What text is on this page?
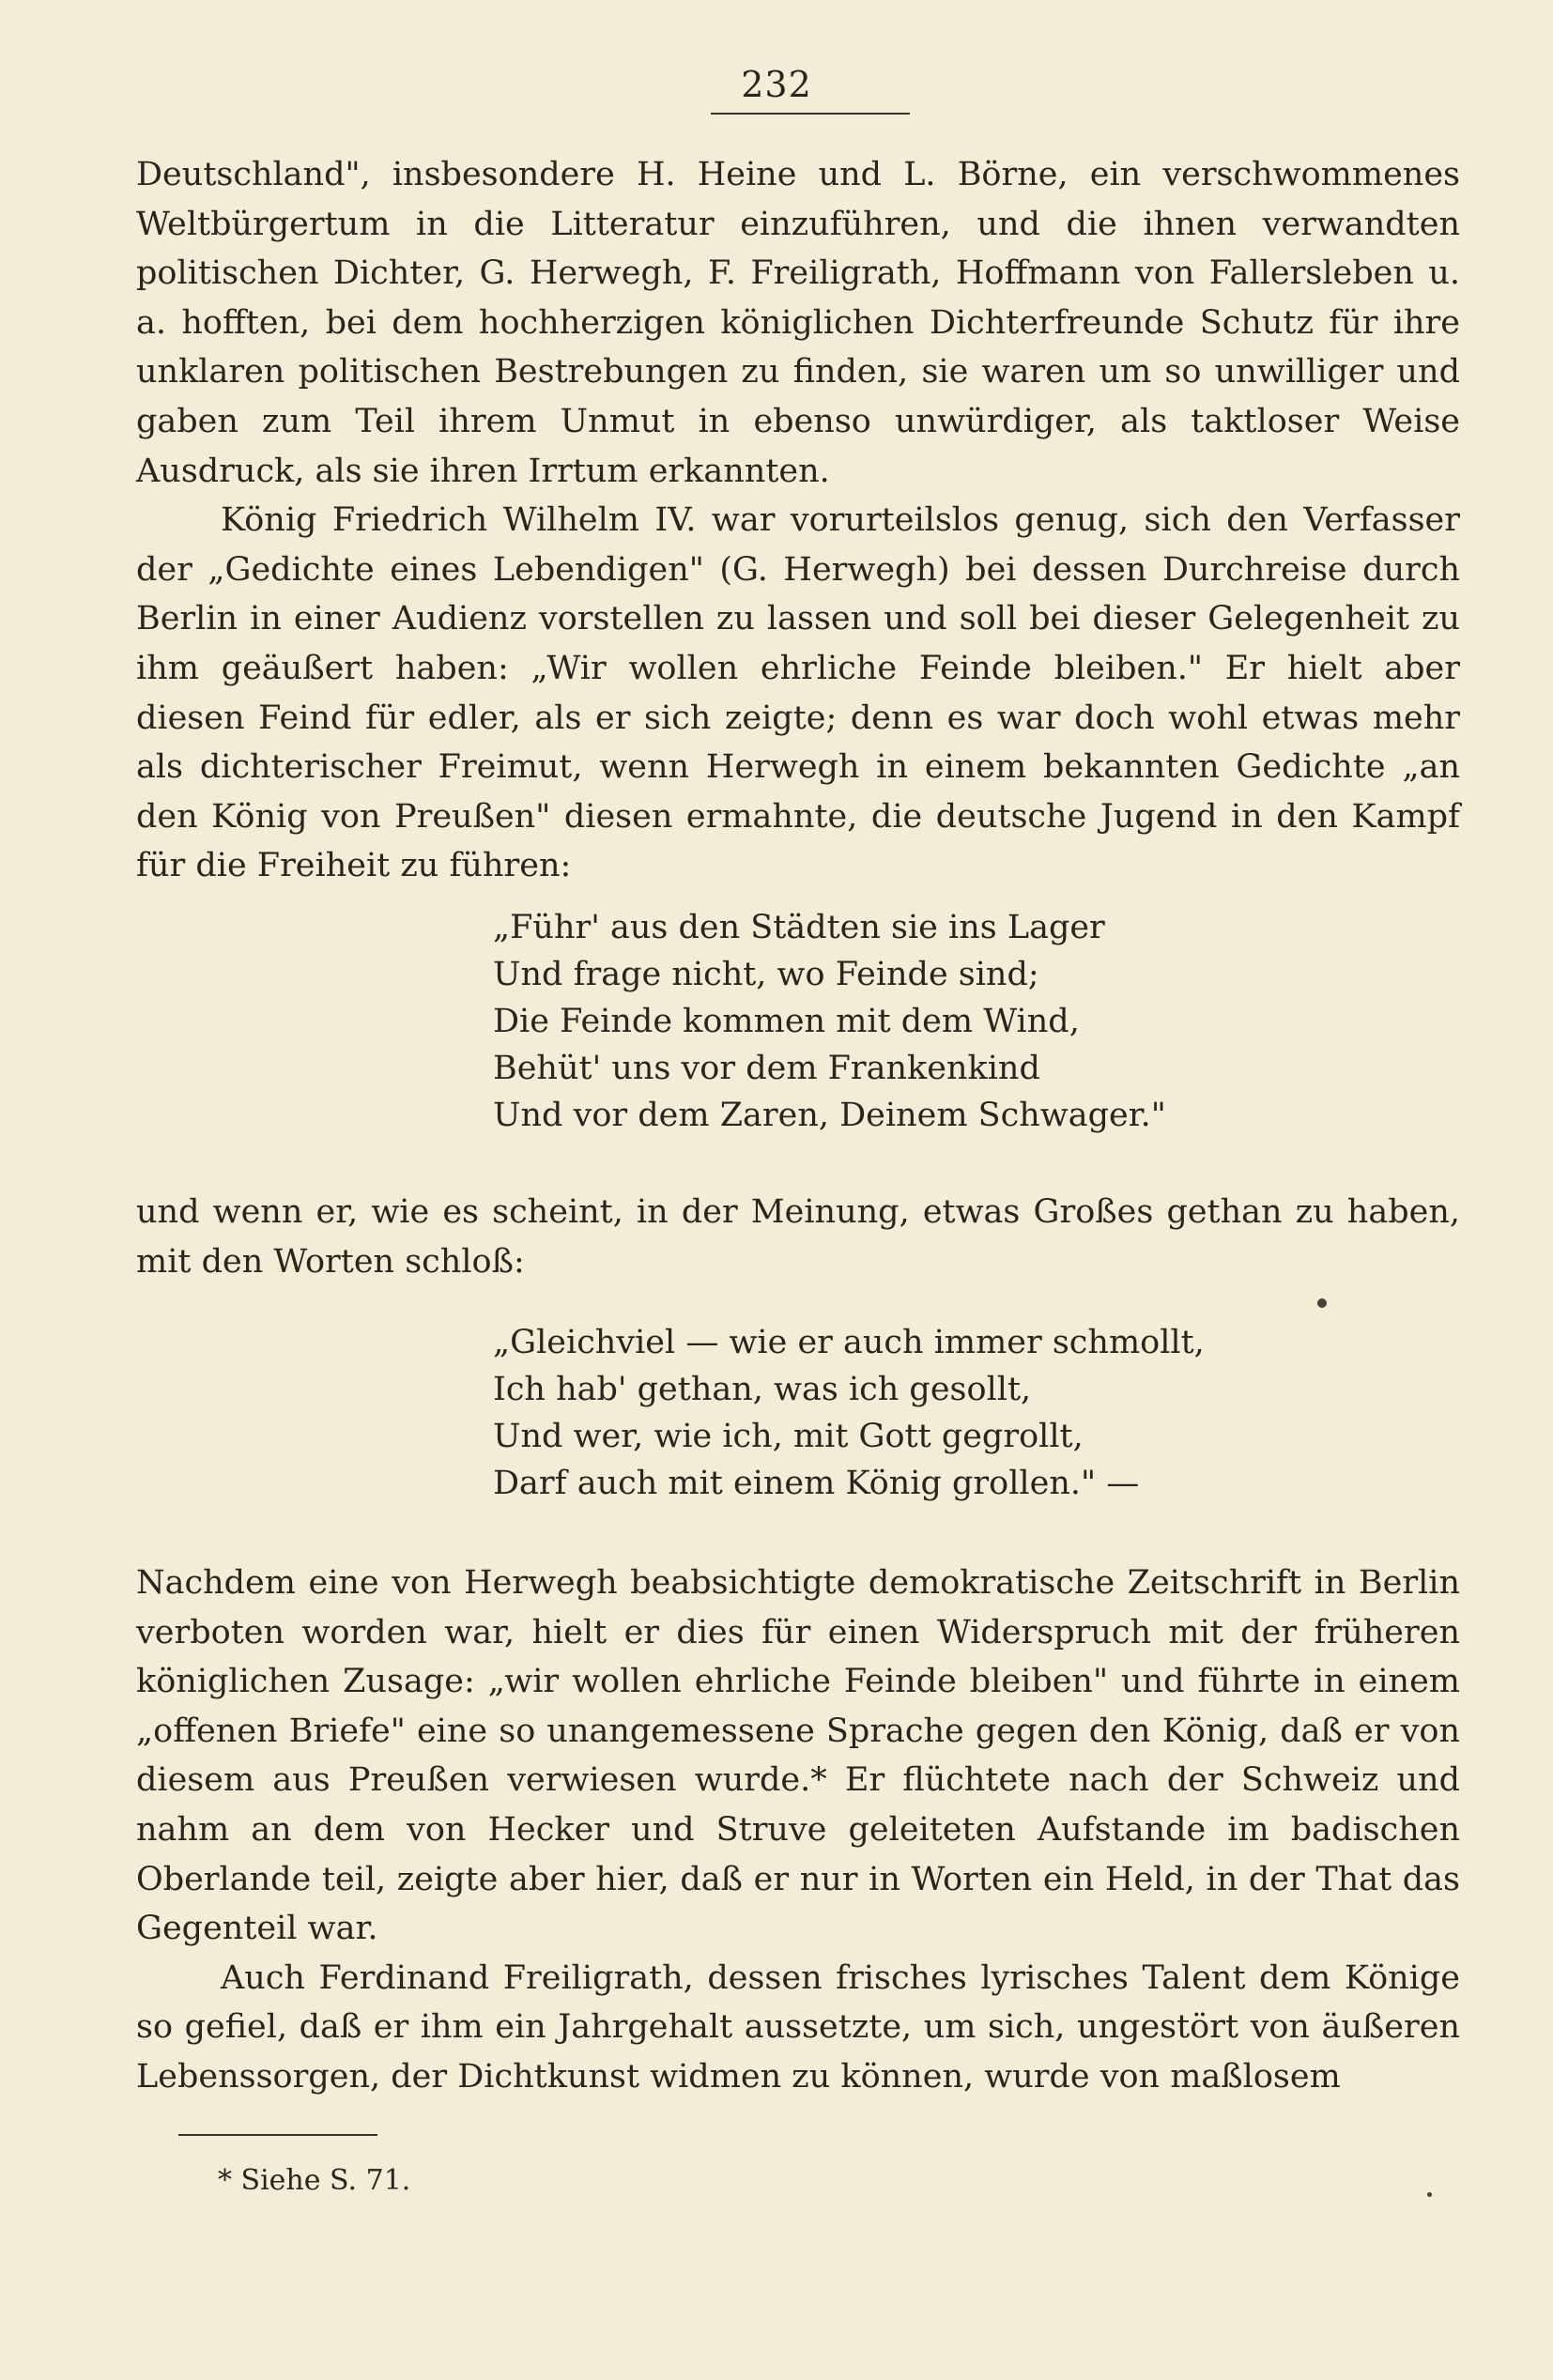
232

Deutschland", insbesondere H. Heine und L. Börne, ein verschwommenes Weltbürgertum in die Litteratur einzuführen, und die ihnen verwandten politischen Dichter, G. Herwegh, F. Freiligrath, Hoffmann von Fallersleben u. a. hofften, bei dem hochherzigen königlichen Dichterfreunde Schutz für ihre unklaren politischen Bestrebungen zu finden, sie waren um so unwilliger und gaben zum Teil ihrem Unmut in ebenso unwürdiger, als taktloser Weise Ausdruck, als sie ihren Irrtum erkannten.

König Friedrich Wilhelm IV. war vorurteilslos genug, sich den Verfasser der „Gedichte eines Lebendigen" (G. Herwegh) bei dessen Durchreise durch Berlin in einer Audienz vorstellen zu lassen und soll bei dieser Gelegenheit zu ihm geäußert haben: „Wir wollen ehrliche Feinde bleiben." Er hielt aber diesen Feind für edler, als er sich zeigte; denn es war doch wohl etwas mehr als dichterischer Freimut, wenn Herwegh in einem bekannten Gedichte „an den König von Preußen" diesen ermahnte, die deutsche Jugend in den Kampf für die Freiheit zu führen:

„Führ' aus den Städten sie ins Lager
Und frage nicht, wo Feinde sind;
Die Feinde kommen mit dem Wind,
Behüt' uns vor dem Frankenkind
Und vor dem Zaren, Deinem Schwager."
und wenn er, wie es scheint, in der Meinung, etwas Großes gethan zu haben, mit den Worten schloß:
„Gleichviel — wie er auch immer schmollt,
Ich hab' gethan, was ich gesollt,
Und wer, wie ich, mit Gott gegrollt,
Darf auch mit einem König grollen." —

Nachdem eine von Herwegh beabsichtigte demokratische Zeitschrift in Berlin verboten worden war, hielt er dies für einen Widerspruch mit der früheren königlichen Zusage: „wir wollen ehrliche Feinde bleiben" und führte in einem „offenen Briefe" eine so unangemessene Sprache gegen den König, daß er von diesem aus Preußen verwiesen wurde.* Er flüchtete nach der Schweiz und nahm an dem von Hecker und Struve geleiteten Aufstande im badischen Oberlande teil, zeigte aber hier, daß er nur in Worten ein Held, in der That das Gegenteil war.

Auch Ferdinand Freiligrath, dessen frisches lyrisches Talent dem Könige so gefiel, daß er ihm ein Jahrgehalt aussetzte, um sich, ungestört von äußeren Lebenssorgen, der Dichtkunst widmen zu können, wurde von maßlosem

* Siehe S. 71.
